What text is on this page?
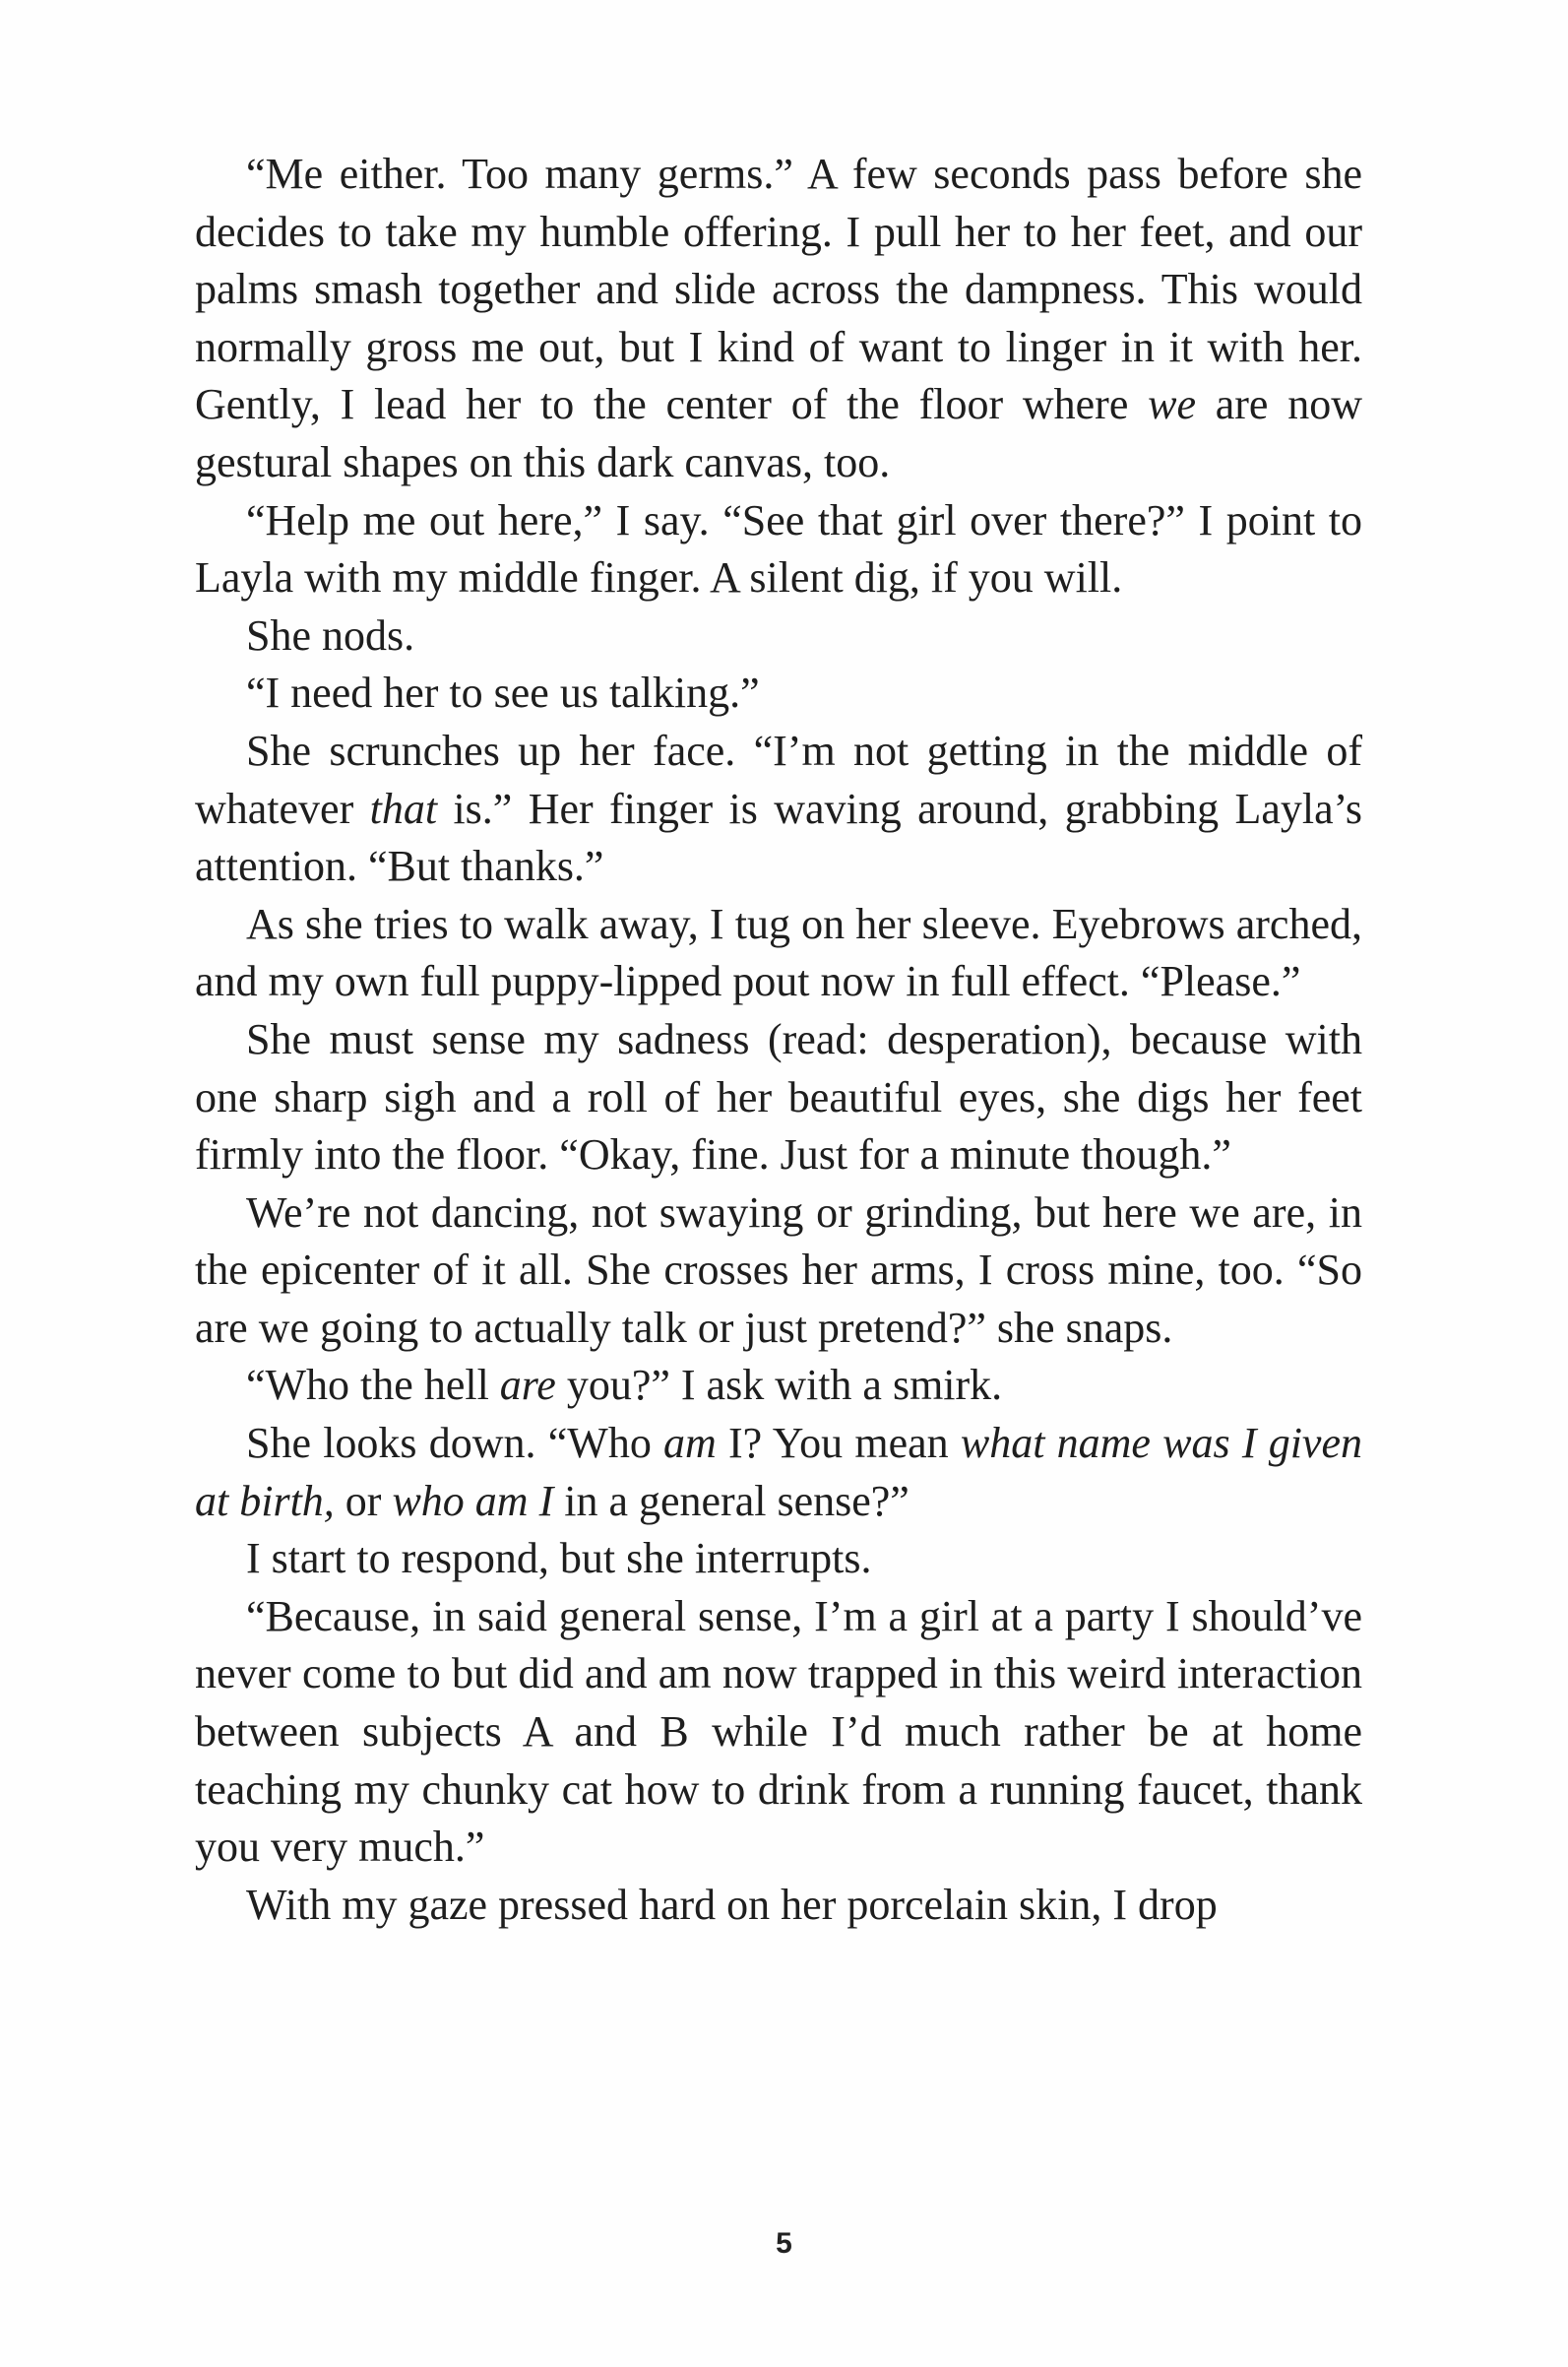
“Me either. Too many germs.” A few seconds pass before she decides to take my humble offering. I pull her to her feet, and our palms smash together and slide across the dampness. This would normally gross me out, but I kind of want to linger in it with her. Gently, I lead her to the center of the floor where we are now gestural shapes on this dark canvas, too.

“Help me out here,” I say. “See that girl over there?” I point to Layla with my middle finger. A silent dig, if you will.

She nods.

“I need her to see us talking.”

She scrunches up her face. “I’m not getting in the middle of whatever that is.” Her finger is waving around, grabbing Layla’s attention. “But thanks.”

As she tries to walk away, I tug on her sleeve. Eyebrows arched, and my own full puppy-lipped pout now in full effect. “Please.”

She must sense my sadness (read: desperation), because with one sharp sigh and a roll of her beautiful eyes, she digs her feet firmly into the floor. “Okay, fine. Just for a minute though.”

We’re not dancing, not swaying or grinding, but here we are, in the epicenter of it all. She crosses her arms, I cross mine, too. “So are we going to actually talk or just pretend?” she snaps.

“Who the hell are you?” I ask with a smirk.

She looks down. “Who am I? You mean what name was I given at birth, or who am I in a general sense?”

I start to respond, but she interrupts.

“Because, in said general sense, I’m a girl at a party I should’ve never come to but did and am now trapped in this weird interaction between subjects A and B while I’d much rather be at home teaching my chunky cat how to drink from a running faucet, thank you very much.”

With my gaze pressed hard on her porcelain skin, I drop

5
